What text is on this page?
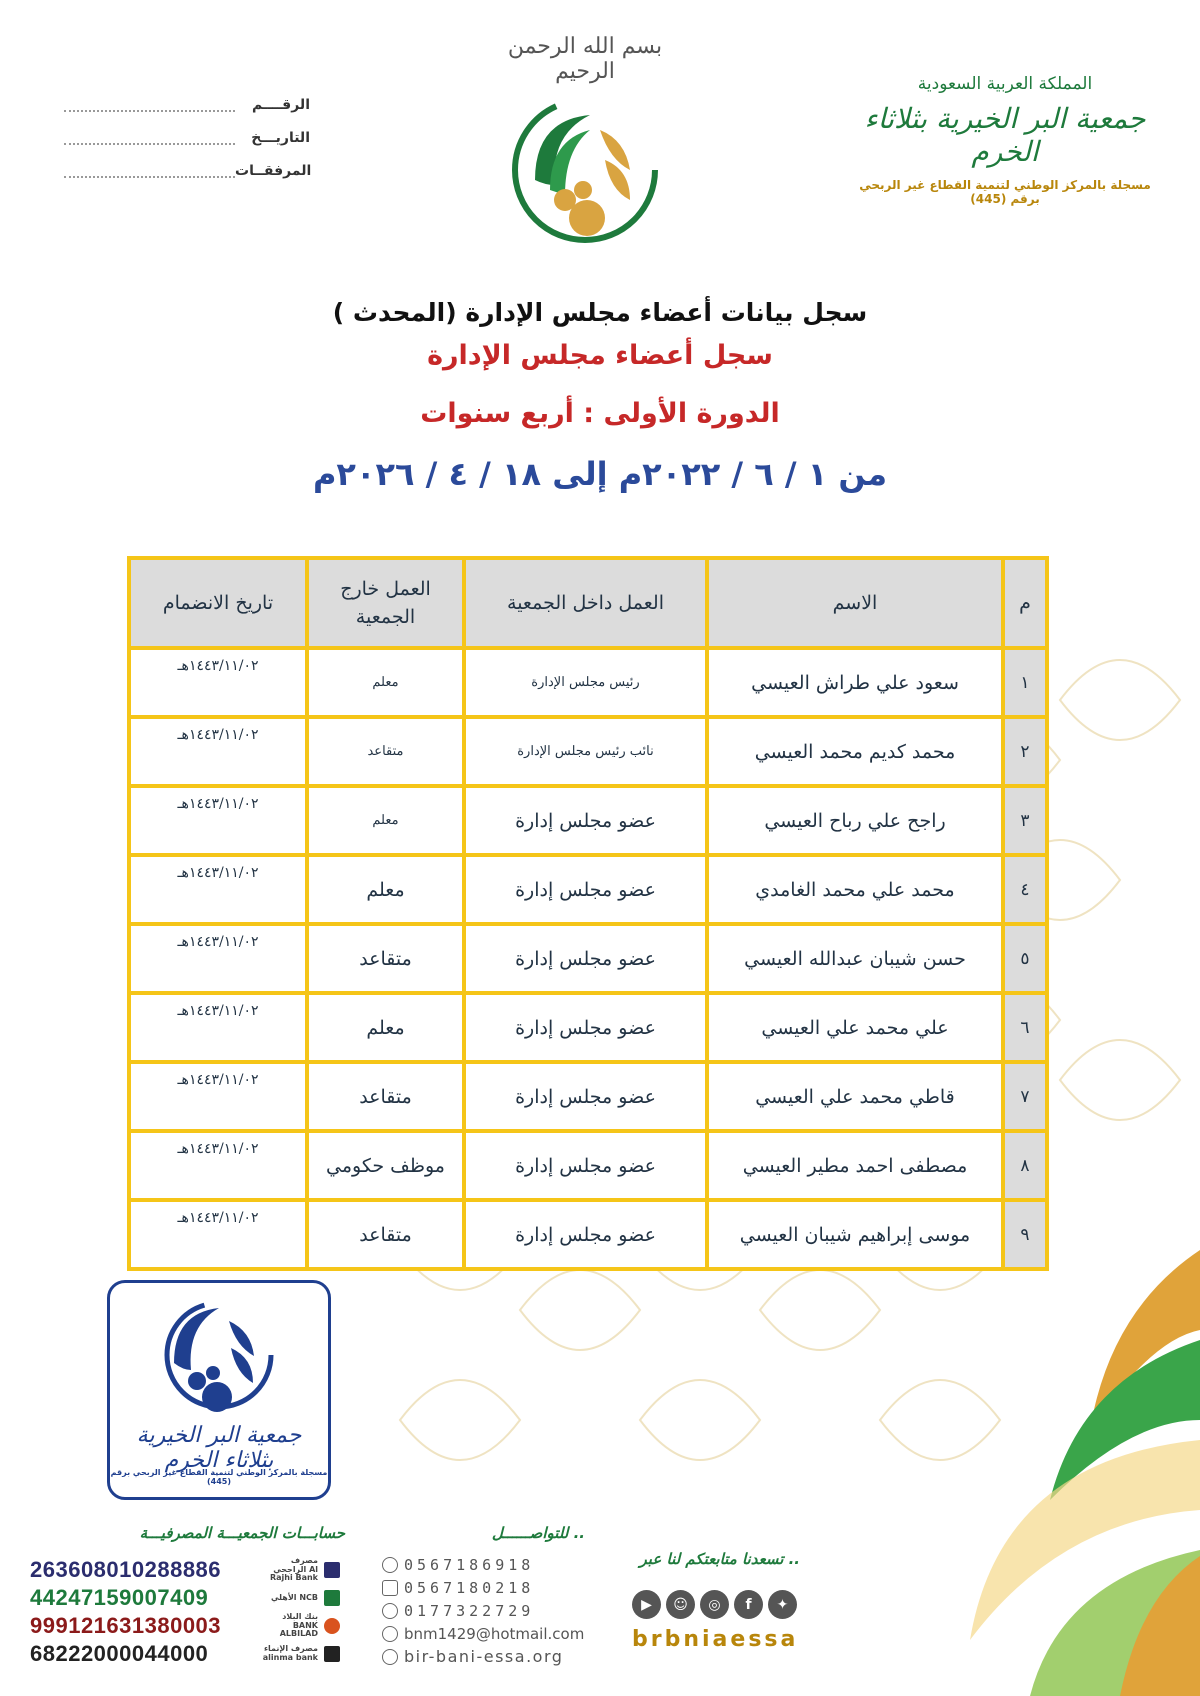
الرقــــم
التاريـــخ
المرفقــات
بسم الله الرحمن الرحيم	المملكة العربية السعودية
جمعية البر الخيرية بثلاثاء الخرم
مسجلة بالمركز الوطني لتنمية القطاع غير الربحي برقم (445)
سجل بيانات أعضاء مجلس الإدارة (المحدث )
سجل أعضاء مجلس الإدارة
الدورة الأولى : أربع سنوات
من ١ / ٦ / ٢٠٢٢م إلى ١٨ / ٤ / ٢٠٢٦م
م	الاسم	العمل داخل الجمعية	العمل خارج الجمعية	تاريخ الانضمام
١	سعود علي طراش العيسي	رئيس مجلس الإدارة	معلم	١٤٤٣/١١/٠٢هـ
٢	محمد كديم محمد العيسي	نائب رئيس مجلس الإدارة	متقاعد	١٤٤٣/١١/٠٢هـ
٣	راجح علي رباح العيسي	عضو مجلس إدارة	معلم	١٤٤٣/١١/٠٢هـ
٤	محمد علي محمد الغامدي	عضو مجلس إدارة	معلم	١٤٤٣/١١/٠٢هـ
٥	حسن شيبان عبدالله العيسي	عضو مجلس إدارة	متقاعد	١٤٤٣/١١/٠٢هـ
٦	علي محمد علي العيسي	عضو مجلس إدارة	معلم	١٤٤٣/١١/٠٢هـ
٧	قاطي محمد علي العيسي	عضو مجلس إدارة	متقاعد	١٤٤٣/١١/٠٢هـ
٨	مصطفى احمد مطير العيسي	عضو مجلس إدارة	موظف حكومي	١٤٤٣/١١/٠٢هـ
٩	موسى إبراهيم شيبان العيسي	عضو مجلس إدارة	متقاعد	١٤٤٣/١١/٠٢هـ
جمعية البر الخيرية بثلاثاء الخرم
مسجلة بالمركز الوطني لتنمية القطاع غير الربحي برقم (445)
حسابـــات الجمعيـــة المصرفيـــة
263608010288886	مصرف الراجحي Al Rajhi Bank
44247159007409	الأهلي NCB
999121631380003	بنك البلاد BANK ALBILAD
68222000044000	مصرف الإنماء alinma bank
للتواصــــــل ..
0567186918
0567180218
0177322729
bnm1429@hotmail.com
bir-bani-essa.org
تسعدنا متابعتكم لنا عبر ..
▶	☺	◎	f	✦
brbniaessa
